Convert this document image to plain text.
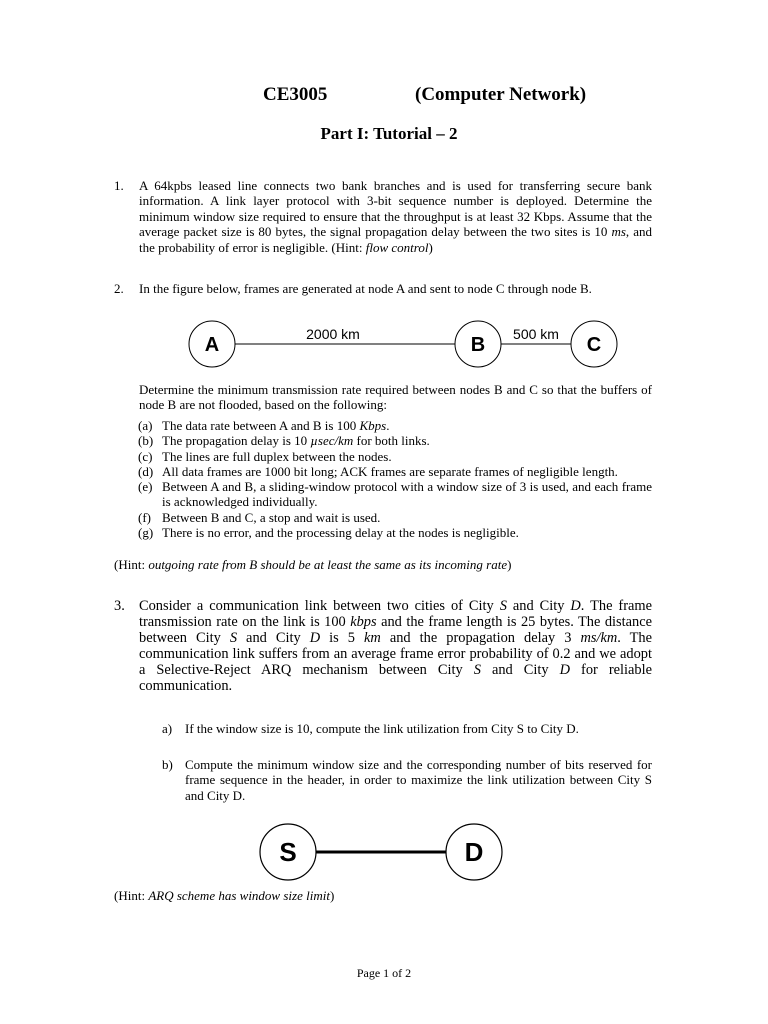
CE3005	(Computer Network)
Part I: Tutorial – 2
1. A 64kpbs leased line connects two bank branches and is used for transferring secure bank information. A link layer protocol with 3-bit sequence number is deployed. Determine the minimum window size required to ensure that the throughput is at least 32 Kbps. Assume that the average packet size is 80 bytes, the signal propagation delay between the two sites is 10 ms, and the probability of error is negligible. (Hint: flow control)
2. In the figure below, frames are generated at node A and sent to node C through node B.
A	B	C
2000 km	500 km
Determine the minimum transmission rate required between nodes B and C so that the buffers of node B are not flooded, based on the following:
(a) The data rate between A and B is 100 Kbps.
(b) The propagation delay is 10 µsec/km for both links.
(c) The lines are full duplex between the nodes.
(d) All data frames are 1000 bit long; ACK frames are separate frames of negligible length.
(e) Between A and B, a sliding-window protocol with a window size of 3 is used, and each frame is acknowledged individually.
(f) Between B and C, a stop and wait is used.
(g) There is no error, and the processing delay at the nodes is negligible.
(Hint: outgoing rate from B should be at least the same as its incoming rate)
3. Consider a communication link between two cities of City S and City D. The frame transmission rate on the link is 100 kbps and the frame length is 25 bytes. The distance between City S and City D is 5 km and the propagation delay 3 ms/km. The communication link suffers from an average frame error probability of 0.2 and we adopt a Selective-Reject ARQ mechanism between City S and City D for reliable communication.
a) If the window size is 10, compute the link utilization from City S to City D.
b) Compute the minimum window size and the corresponding number of bits reserved for frame sequence in the header, in order to maximize the link utilization between City S and City D.
S	D
(Hint: ARQ scheme has window size limit)
Page 1 of 2
